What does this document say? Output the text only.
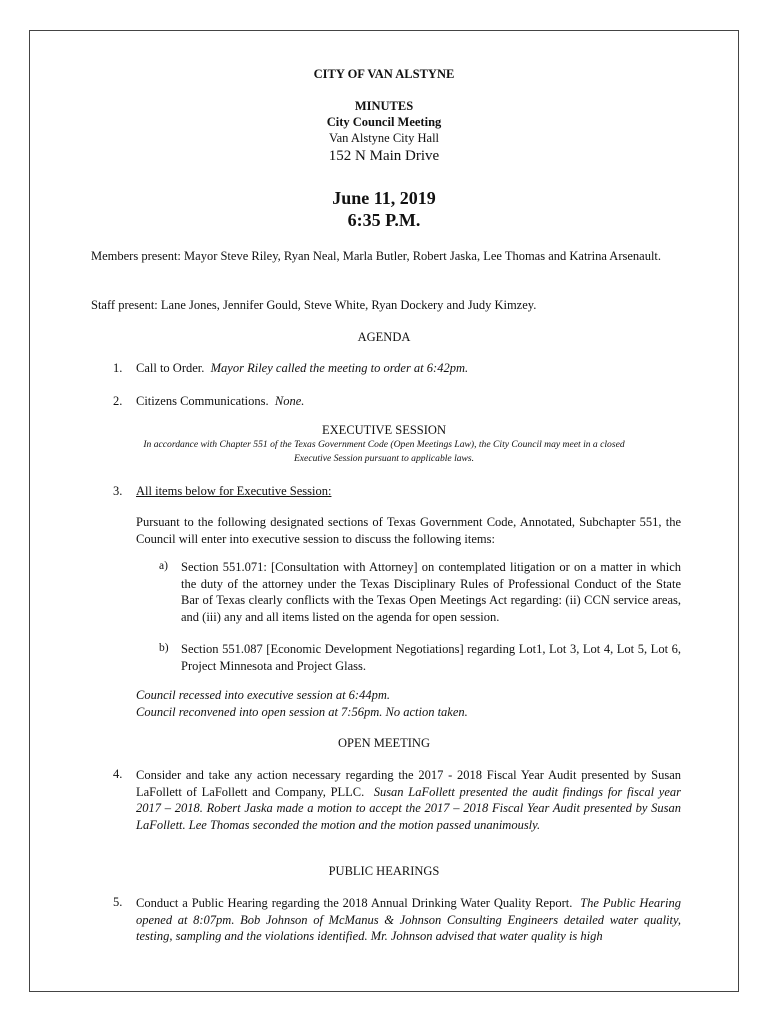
CITY OF VAN ALSTYNE
MINUTES
City Council Meeting
Van Alstyne City Hall
152 N Main Drive
June 11, 2019
6:35 P.M.
Members present: Mayor Steve Riley, Ryan Neal, Marla Butler, Robert Jaska, Lee Thomas and Katrina Arsenault.
Staff present: Lane Jones, Jennifer Gould, Steve White, Ryan Dockery and Judy Kimzey.
AGENDA
1. Call to Order. Mayor Riley called the meeting to order at 6:42pm.
2. Citizens Communications. None.
EXECUTIVE SESSION
In accordance with Chapter 551 of the Texas Government Code (Open Meetings Law), the City Council may meet in a closed
Executive Session pursuant to applicable laws.
3. All items below for Executive Session:
Pursuant to the following designated sections of Texas Government Code, Annotated, Subchapter 551, the Council will enter into executive session to discuss the following items:
a) Section 551.071: [Consultation with Attorney] on contemplated litigation or on a matter in which the duty of the attorney under the Texas Disciplinary Rules of Professional Conduct of the State Bar of Texas clearly conflicts with the Texas Open Meetings Act regarding: (ii) CCN service areas, and (iii) any and all items listed on the agenda for open session.
b) Section 551.087 [Economic Development Negotiations] regarding Lot1, Lot 3, Lot 4, Lot 5, Lot 6, Project Minnesota and Project Glass.
Council recessed into executive session at 6:44pm.
Council reconvened into open session at 7:56pm. No action taken.
OPEN MEETING
4. Consider and take any action necessary regarding the 2017 - 2018 Fiscal Year Audit presented by Susan LaFollett of LaFollett and Company, PLLC. Susan LaFollett presented the audit findings for fiscal year 2017 – 2018. Robert Jaska made a motion to accept the 2017 – 2018 Fiscal Year Audit presented by Susan LaFollett. Lee Thomas seconded the motion and the motion passed unanimously.
PUBLIC HEARINGS
5. Conduct a Public Hearing regarding the 2018 Annual Drinking Water Quality Report. The Public Hearing opened at 8:07pm. Bob Johnson of McManus & Johnson Consulting Engineers detailed water quality, testing, sampling and the violations identified. Mr. Johnson advised that water quality is high
